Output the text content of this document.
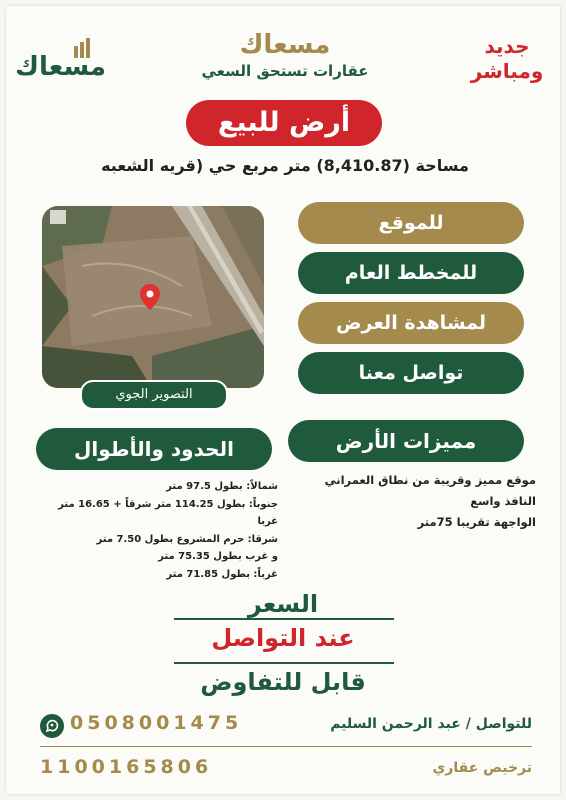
مسعاك
مسعاك
عقارات تستحق السعي
جديد
ومباشر
أرض للبيع
مساحة (8,410.87) متر مربع حي (قريه الشعبه
التصوير الجوي
للموقع
للمخطط العام
لمشاهدة العرض
تواصل معنا
مميزات الأرض
موقع مميز وقريبة من نطاق العمراني
النافذ واسع
الواجهة تقريبا 75متر
الحدود والأطوال
شمالاً: بطول 97.5 متر
جنوباً: بطول 114.25 متر شرقاً + 16.65 متر غربا
شرقا: حرم المشروع بطول 7.50 متر
و غرب بطول 75.35 متر
غرباً: بطول 71.85 متر
السعر
عند التواصل
قابل للتفاوض
للتواصل / عبد الرحمن السليم
0508001475
ترخيص عقاري
1100165806
